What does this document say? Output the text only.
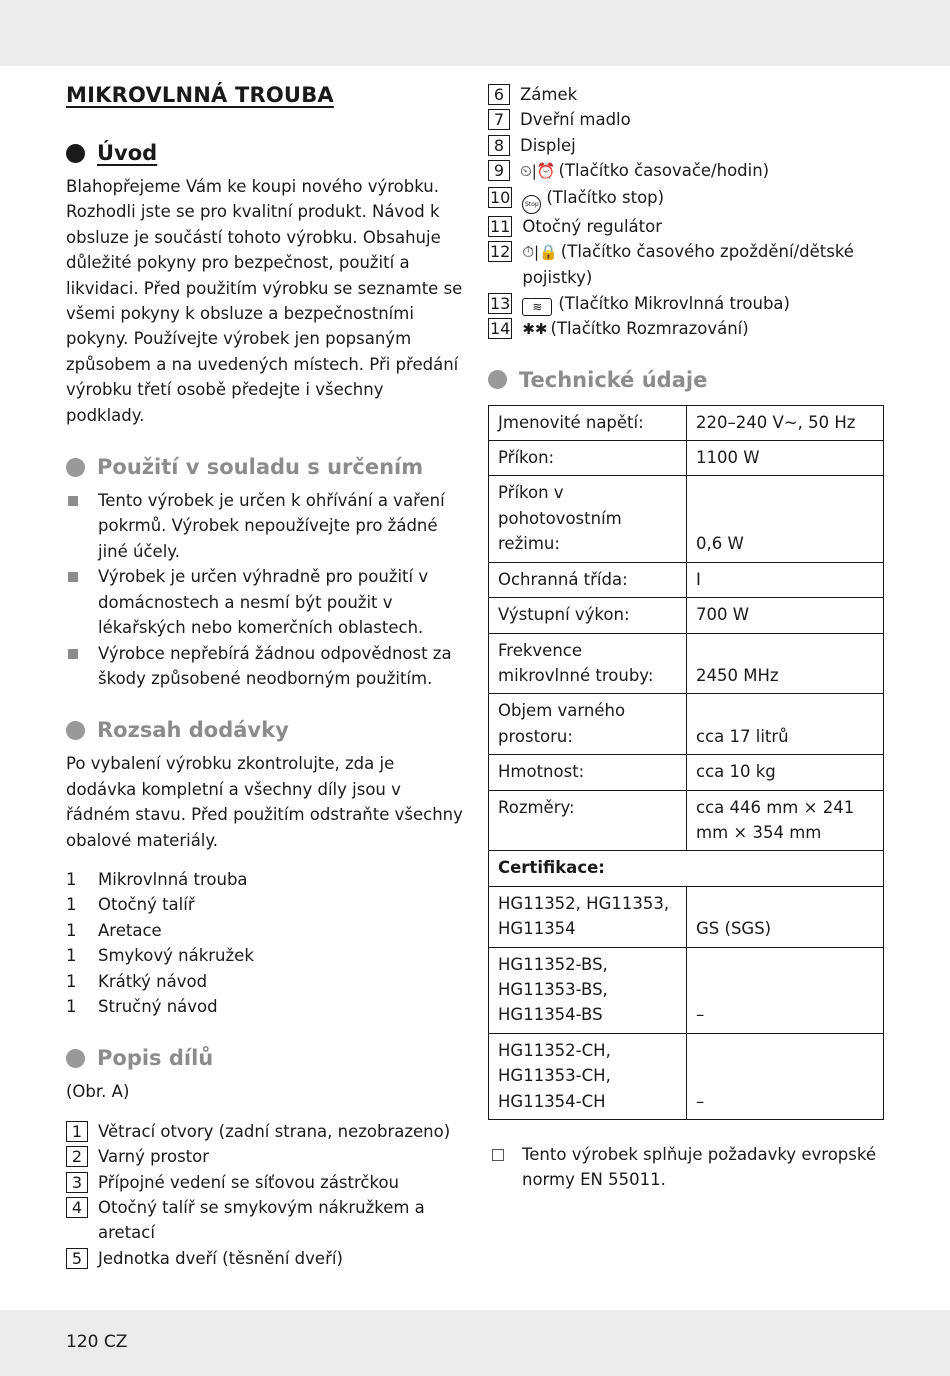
MIKROVLNNÁ TROUBA
Úvod

Blahopřejeme Vám ke koupi nového výrobku. Rozhodli jste se pro kvalitní produkt. Návod k obsluze je součástí tohoto výrobku. Obsahuje důležité pokyny pro bezpečnost, použití a likvidaci. Před použitím výrobku se seznamte se všemi pokyny k obsluze a bezpečnostními pokyny. Používejte výrobek jen popsaným způsobem a na uvedených místech. Při předání výrobku třetí osobě předejte i všechny podklady.

Použití v souladu s určením
Tento výrobek je určen k ohřívání a vaření pokrmů. Výrobek nepoužívejte pro žádné jiné účely.
Výrobek je určen výhradně pro použití v domácnostech a nesmí být použit v lékařských nebo komerčních oblastech.
Výrobce nepřebírá žádnou odpovědnost za škody způsobené neodborným použitím.
Rozsah dodávky

Po vybalení výrobku zkontrolujte, zda je dodávka kompletní a všechny díly jsou v řádném stavu. Před použitím odstraňte všechny obalové materiály.

1	Mikrovlnná trouba
1	Otočný talíř
1	Aretace
1	Smykový nákružek
1	Krátký návod
1	Stručný návod
Popis dílů

(Obr. A)

1 Větrací otvory (zadní strana, nezobrazeno)
2 Varný prostor
3 Přípojné vedení se síťovou zástrčkou
4 Otočný talíř se smykovým nákružkem a aretací
5 Jednotka dveří (těsnění dveří)
6 Zámek
7 Dveřní madlo
8 Displej
9	⏲|⏰ (Tlačítko časovače/hodin)
10	Stop (Tlačítko stop)
11 Otočný regulátor
12 ⏱|🔒 (Tlačítko časového zpoždění/dětské pojistky)
13	≋ (Tlačítko Mikrovlnná trouba)
14 ✱✱ (Tlačítko Rozmrazování)
Technické údaje
Jmenovité napětí:	220–240 V~, 50 Hz
Příkon:	1100 W
Příkon v pohotovostním režimu:	0,6 W
Ochranná třída:	I
Výstupní výkon:	700 W
Frekvence mikrovlnné trouby:	2450 MHz
Objem varného prostoru:	cca 17 litrů
Hmotnost:	cca 10 kg
Rozměry:	cca 446 mm × 241 mm × 354 mm
Certifikace:	
HG11352, HG11353, HG11354	GS (SGS)
HG11352-BS, HG11353-BS, HG11354-BS	–
HG11352-CH, HG11353-CH, HG11354-CH	–
Tento výrobek splňuje požadavky evropské normy EN 55011.
120 CZ
